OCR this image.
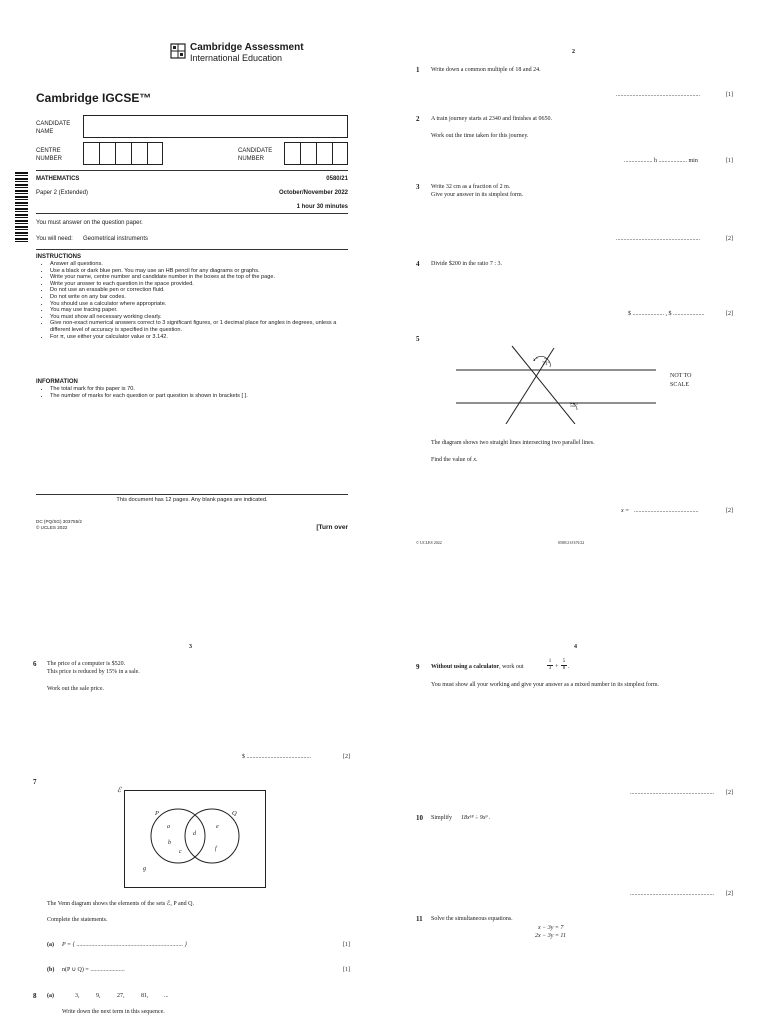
Cambridge Assessment
International Education
Cambridge IGCSE™
CANDIDATE NAME
CENTRE NUMBER
CANDIDATE NUMBER
MATHEMATICS	0580/21
Paper 2 (Extended)	October/November 2022
1 hour 30 minutes
You must answer on the question paper.
You will need: Geometrical instruments
INSTRUCTIONS
• Answer all questions.
• Use a black or dark blue pen. You may use an HB pencil for any diagrams or graphs.
• Write your name, centre number and candidate number in the boxes at the top of the page.
• Write your answer to each question in the space provided.
• Do not use an erasable pen or correction fluid.
• Do not write on any bar codes.
• You should use a calculator where appropriate.
• You may use tracing paper.
• You must show all necessary working clearly.
• Give non-exact numerical answers correct to 3 significant figures, or 1 decimal place for angles in degrees, unless a different level of accuracy is specified in the question.
• For π, use either your calculator value or 3.142.
INFORMATION
• The total mark for this paper is 70.
• The number of marks for each question or part question is shown in brackets [ ].
This document has 12 pages. Any blank pages are indicated.
DC (PQ/SG) 303755/2
© UCLES 2022	[Turn over
2
1 Write down a common multiple of 18 and 24.
........................................................	[1]
2 A train journey starts at 2340 and finishes at 0650.
Work out the time taken for this journey.
................... h ................... min	[1]
3 Write 32 cm as a fraction of 2 m.
Give your answer in its simplest form.
........................................................	[2]
4 Divide $200 in the ratio 7 : 3.
$ ..................... , $ .....................	[2]
5
x°
71°
55°
NOT TO
SCALE
The diagram shows two straight lines intersecting two parallel lines.
Find the value of x.
x = ...........................................	[2]
© UCLES 2022	0580/21/O/N/22
3
6 The price of a computer is $520.
This price is reduced by 15% in a sale.
Work out the sale price.
$ ...........................................	[2]
7
ℰ
P	Q
a
b
c
d
e
f
g
The Venn diagram shows the elements of the sets ℰ, P and Q.
Complete the statements.
(a) P = { ....................................................................... }	[1]
(b) n(P ∪ Q) = .......................	[1]
8 (a)	3,	9,	27,	81,	...
Write down the next term in this sequence.
4
9 Without using a calculator, work out
1
3 +
5
8 .
You must show all your working and give your answer as a mixed number in its simplest form.
........................................................	[2]
10 Simplify 18x¹⁸ ÷ 9x⁹ .
........................................................	[2]
11 Solve the simultaneous equations.
x − 3y = 7
2x − 3y = 11
